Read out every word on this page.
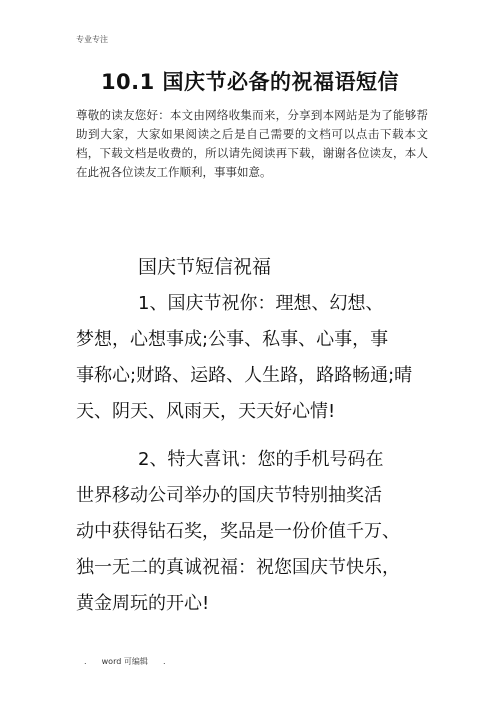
专业专注
10.1 国庆节必备的祝福语短信
尊敬的读友您好：本文由网络收集而来，分享到本网站是为了能够帮助到大家，大家如果阅读之后是自己需要的文档可以点击下载本文档，下载文档是收费的，所以请先阅读再下载，谢谢各位读友，本人在此祝各位读友工作顺利，事事如意。
国庆节短信祝福
1、国庆节祝你：理想、幻想、
梦想，心想事成;公事、私事、心事，事
事称心;财路、运路、人生路，路路畅通;晴
天、阴天、风雨天，天天好心情!
2、特大喜讯：您的手机号码在
世界移动公司举办的国庆节特别抽奖活
动中获得钻石奖，奖品是一份价值千万、
独一无二的真诚祝福：祝您国庆节快乐，
黄金周玩的开心!
. word 可编辑 .
